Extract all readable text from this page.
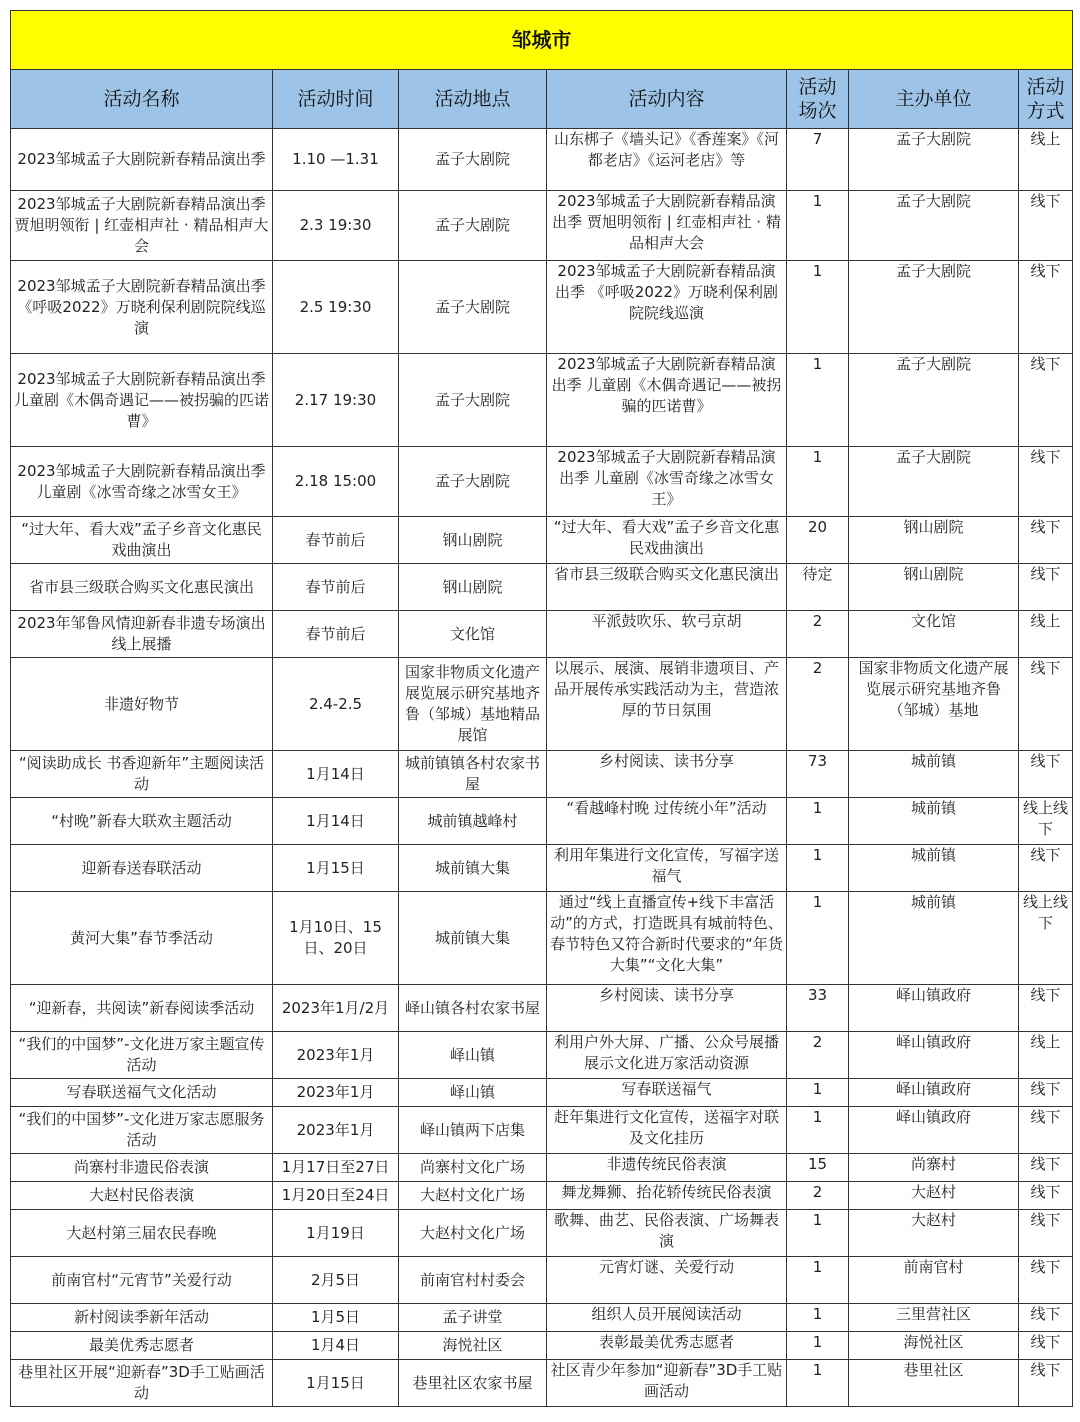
邹城市						
活动名称	活动时间	活动地点	活动内容	活动场次	主办单位	活动方式
2023邹城孟子大剧院新春精品演出季	1.10 —1.31	孟子大剧院	山东梆子《墙头记》《香莲案》《河都老店》《运河老店》等	7	孟子大剧院	线上
2023邹城孟子大剧院新春精品演出季 贾旭明领衔 | 红壶相声社 · 精品相声大会	2.3 19:30	孟子大剧院	2023邹城孟子大剧院新春精品演出季 贾旭明领衔 | 红壶相声社 · 精品相声大会	1	孟子大剧院	线下
2023邹城孟子大剧院新春精品演出季 《呼吸2022》万晓利保利剧院院线巡演	2.5 19:30	孟子大剧院	2023邹城孟子大剧院新春精品演出季 《呼吸2022》万晓利保利剧院院线巡演	1	孟子大剧院	线下
2023邹城孟子大剧院新春精品演出季 儿童剧《木偶奇遇记——被拐骗的匹诺曹》	2.17 19:30	孟子大剧院	2023邹城孟子大剧院新春精品演出季 儿童剧《木偶奇遇记——被拐骗的匹诺曹》	1	孟子大剧院	线下
2023邹城孟子大剧院新春精品演出季 儿童剧《冰雪奇缘之冰雪女王》	2.18 15:00	孟子大剧院	2023邹城孟子大剧院新春精品演出季 儿童剧《冰雪奇缘之冰雪女王》	1	孟子大剧院	线下
“过大年、看大戏”孟子乡音文化惠民戏曲演出	春节前后	钢山剧院	“过大年、看大戏”孟子乡音文化惠民戏曲演出	20	钢山剧院	线下
省市县三级联合购买文化惠民演出	春节前后	钢山剧院	省市县三级联合购买文化惠民演出	待定	钢山剧院	线下
2023年邹鲁风情迎新春非遗专场演出线上展播	春节前后	文化馆	平派鼓吹乐、软弓京胡	2	文化馆	线上
非遗好物节	2.4-2.5	国家非物质文化遗产展览展示研究基地齐鲁（邹城）基地精品展馆	以展示、展演、展销非遗项目、产品开展传承实践活动为主，营造浓厚的节日氛围	2	国家非物质文化遗产展览展示研究基地齐鲁（邹城）基地	线下
“阅读助成长 书香迎新年”主题阅读活动	1月14日	城前镇镇各村农家书屋	乡村阅读、读书分享	73	城前镇	线下
“村晚”新春大联欢主题活动	1月14日	城前镇越峰村	“看越峰村晚 过传统小年”活动	1	城前镇	线上线下
迎新春送春联活动	1月15日	城前镇大集	利用年集进行文化宣传，写福字送福气	1	城前镇	线下
黄河大集”春节季活动	1月10日、15日、20日	城前镇大集	通过“线上直播宣传+线下丰富活动”的方式，打造既具有城前特色、春节特色又符合新时代要求的“年货大集”“文化大集”	1	城前镇	线上线下
“迎新春，共阅读”新春阅读季活动	2023年1月/2月	峄山镇各村农家书屋	乡村阅读、读书分享	33	峄山镇政府	线下
“我们的中国梦”-文化进万家主题宣传活动	2023年1月	峄山镇	利用户外大屏、广播、公众号展播展示文化进万家活动资源	2	峄山镇政府	线上
写春联送福气文化活动	2023年1月	峄山镇	写春联送福气	1	峄山镇政府	线下
“我们的中国梦”-文化进万家志愿服务活动	2023年1月	峄山镇两下店集	赶年集进行文化宣传，送福字对联及文化挂历	1	峄山镇政府	线下
尚寨村非遗民俗表演	1月17日至27日	尚寨村文化广场	非遗传统民俗表演	15	尚寨村	线下
大赵村民俗表演	1月20日至24日	大赵村文化广场	舞龙舞狮、抬花轿传统民俗表演	2	大赵村	线下
大赵村第三届农民春晚	1月19日	大赵村文化广场	歌舞、曲艺、民俗表演、广场舞表演	1	大赵村	线下
前南官村“元宵节”关爱行动	2月5日	前南官村村委会	元宵灯谜、关爱行动	1	前南官村	线下
新村阅读季新年活动	1月5日	孟子讲堂	组织人员开展阅读活动	1	三里营社区	线下
最美优秀志愿者	1月4日	海悦社区	表彰最美优秀志愿者	1	海悦社区	线下
巷里社区开展“迎新春”3D手工贴画活动	1月15日	巷里社区农家书屋	社区青少年参加“迎新春”3D手工贴画活动	1	巷里社区	线下
